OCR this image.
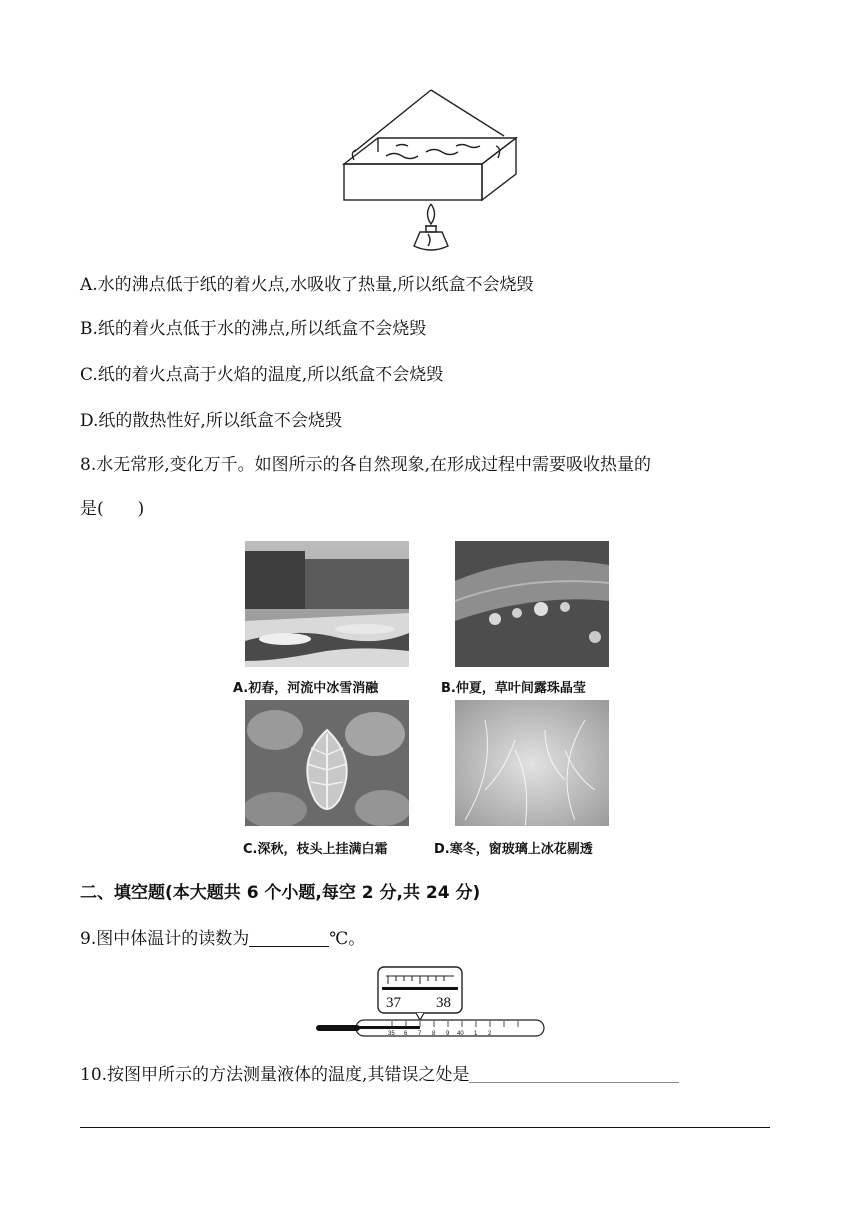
A.水的沸点低于纸的着火点,水吸收了热量,所以纸盒不会烧毁
B.纸的着火点低于水的沸点,所以纸盒不会烧毁
C.纸的着火点高于火焰的温度,所以纸盒不会烧毁
D.纸的散热性好,所以纸盒不会烧毁
8.水无常形,变化万千。如图所示的各自然现象,在形成过程中需要吸收热量的
是(　　)
A.初春，河流中冰雪消融	B.仲夏，草叶间露珠晶莹
C.深秋，枝头上挂满白霜	D.寒冬，窗玻璃上冰花剔透
二、填空题(本大题共 6 个小题,每空 2 分,共 24 分)
9.图中体温计的读数为	℃。
37 38
35 6 7 8 9 40 1 2
10.按图甲所示的方法测量液体的温度,其错误之处是
